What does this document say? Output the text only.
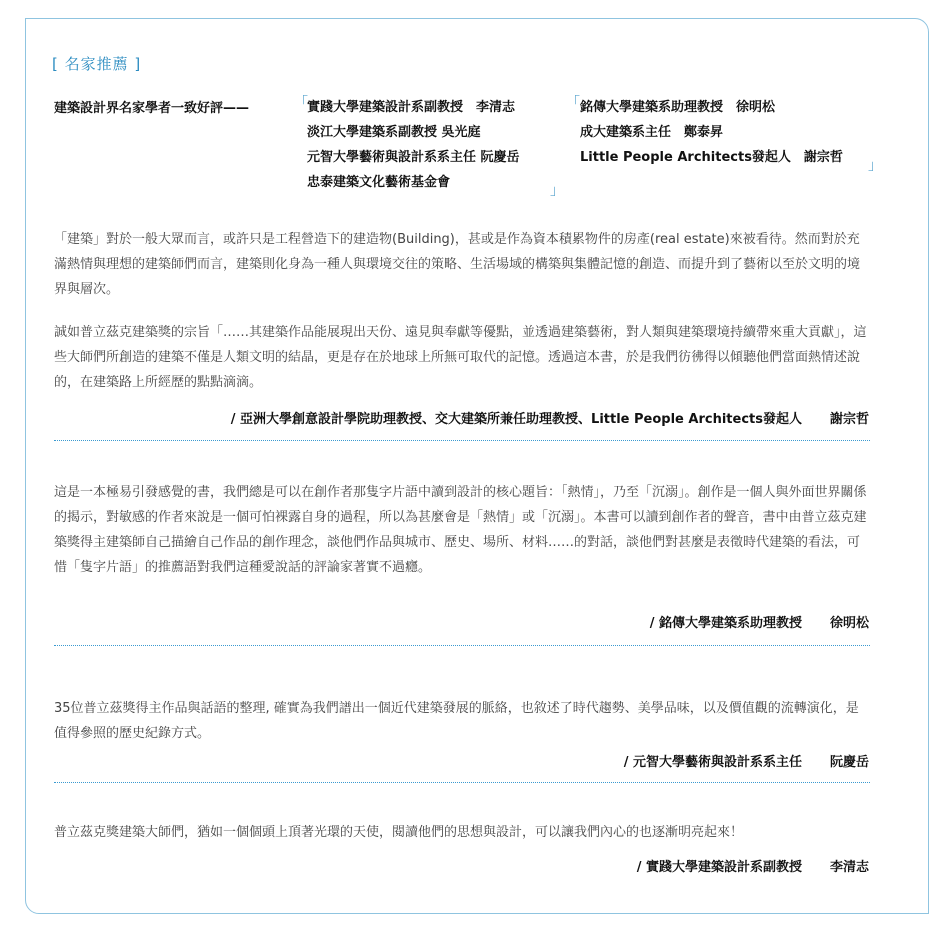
[ 名家推薦 ]
建築設計界名家學者一致好評——	「 實踐大學建築設計系副教授　李清志
淡江大學建築系副教授 吳光庭
元智大學藝術與設計系系主任 阮慶岳
忠泰建築文化藝術基金會
」
「 銘傳大學建築系助理教授　徐明松
成大建築系主任　鄭泰昇
Little People Architects發起人　謝宗哲
」

「建築」對於一般大眾而言，或許只是工程營造下的建造物(Building)，甚或是作為資本積累物件的房產(real estate)來被看待。然而對於充滿熱情與理想的建築師們而言，建築則化身為一種人與環境交往的策略、生活場域的構築與集體記憶的創造、而提升到了藝術以至於文明的境界與層次。

誠如普立茲克建築獎的宗旨「……其建築作品能展現出天份、遠見與奉獻等優點，並透過建築藝術，對人類與建築環境持續帶來重大貢獻」，這些大師們所創造的建築不僅是人類文明的結晶，更是存在於地球上所無可取代的記憶。透過這本書，於是我們彷彿得以傾聽他們當面熱情述說的，在建築路上所經歷的點點滴滴。

/ 亞洲大學創意設計學院助理教授、交大建築所兼任助理教授、Little People Architects發起人 謝宗哲

這是一本極易引發感覺的書，我們總是可以在創作者那隻字片語中讀到設計的核心題旨：「熱情」，乃至「沉溺」。創作是一個人與外面世界關係的揭示，對敏感的作者來說是一個可怕裸露自身的過程，所以為甚麼會是「熱情」或「沉溺」。本書可以讀到創作者的聲音，書中由普立茲克建築獎得主建築師自己描繪自己作品的創作理念，談他們作品與城市、歷史、場所、材料……的對話，談他們對甚麼是表徵時代建築的看法，可惜「隻字片語」的推薦語對我們這種愛說話的評論家著實不過癮。

/ 銘傳大學建築系助理教授 徐明松

35位普立茲獎得主作品與話語的整理, 確實為我們譜出一個近代建築發展的脈絡，也敘述了時代趨勢、美學品味，以及價值觀的流轉演化，是值得參照的歷史紀錄方式。

/ 元智大學藝術與設計系系主任 阮慶岳

普立茲克獎建築大師們，猶如一個個頭上頂著光環的天使，閱讀他們的思想與設計，可以讓我們內心的也逐漸明亮起來！

/ 實踐大學建築設計系副教授 李清志
